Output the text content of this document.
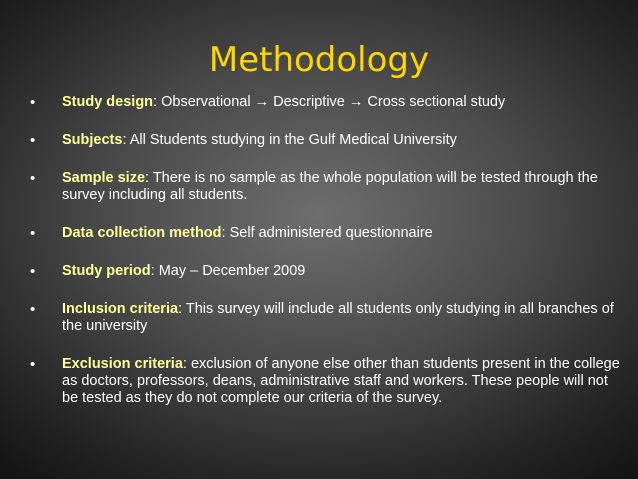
Methodology
•	Study design: Observational → Descriptive → Cross sectional study
•	Subjects: All Students studying in the Gulf Medical University
•	Sample size: There is no sample as the whole population will be tested through the survey including all students.
•	Data collection method: Self administered questionnaire
•	Study period: May – December 2009
•	Inclusion criteria: This survey will include all students only studying in all branches of the university
•	Exclusion criteria: exclusion of anyone else other than students present in the college as doctors, professors, deans, administrative staff and workers. These people will not be tested as they do not complete our criteria of the survey.
